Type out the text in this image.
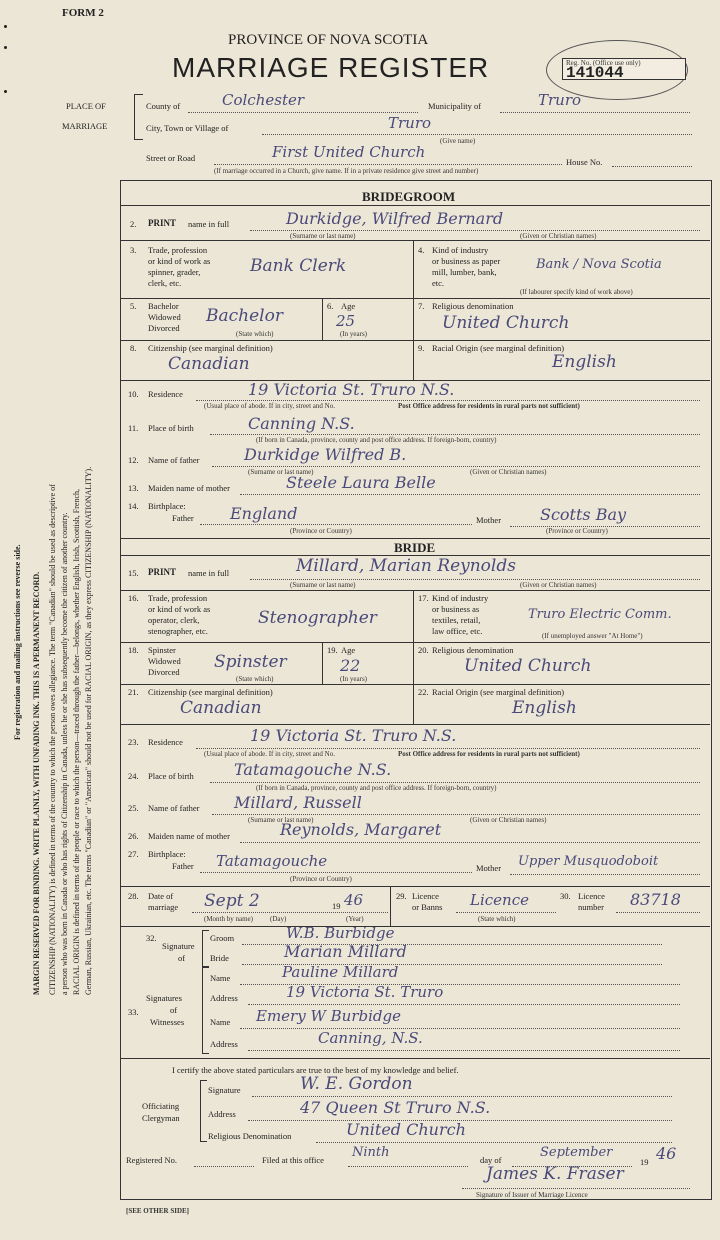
FORM 2
PROVINCE OF NOVA SCOTIA
MARRIAGE REGISTER	Reg. No. (Office use only)
141044
PLACE OF
MARRIAGE
County of	Colchester	Municipality of	Truro
City, Town or Village of	Truro
(Give name)
Street or Road	First United Church
House No.
(If marriage occurred in a Church, give name. If in a private residence give street and number)
For registration and mailing instructions see reverse side. MARGIN RESERVED FOR BINDING. WRITE PLAINLY, WITH UNFADING INK. THIS IS A PERMANENT RECORD. CITIZENSHIP (NATIONALITY) is defined in terms of the country to which the person owes allegiance. The term "Canadian" should be used as descriptive of a person who was born in Canada or who has rights of Citizenship in Canada, unless he or she has subsequently become the citizen of another country. RACIAL ORIGIN is defined in terms of the people or race to which the person—traced through the father—belongs, whether English, Irish, Scottish, French, German, Russian, Ukrainian, etc. The terms "Canadian" or "American" should not be used for RACIAL ORIGIN, as they express CITIZENSHIP (NATIONALITY).
BRIDEGROOM
2. PRINT name in full	Durkidge, Wilfred Bernard
(Surname or last name)	(Given or Christian names)
3. Trade, profession
or kind of work as
spinner, grader,
clerk, etc.
Bank Clerk
4. Kind of industry
or business as paper
mill, lumber, bank,
etc.
Bank / Nova Scotia
(If labourer specify kind of work above)
5. Bachelor
Widowed
Divorced
Bachelor
(State which)
6. Age
25
(In years)
7. Religious denomination
United Church
8. Citizenship (see marginal definition)
Canadian
9. Racial Origin (see marginal definition)
English
10. Residence	19 Victoria St. Truro N.S.
(Usual place of abode. If in city, street and No.	Post Office address for residents in rural parts not sufficient)
11. Place of birth	Canning N.S.
(If born in Canada, province, county and post office address. If foreign-born, country)
12. Name of father	Durkidge Wilfred B.
(Surname or last name)	(Given or Christian names)
13. Maiden name of mother	Steele Laura Belle
14. Birthplace:
Father England	Mother Scotts Bay
(Province or Country)	(Province or Country)
BRIDE
15. PRINT name in full	Millard, Marian Reynolds
(Surname or last name)	(Given or Christian names)
16. Trade, profession
or kind of work as
operator, clerk,
stenographer, etc.
Stenographer
17. Kind of industry
or business as
textiles, retail,
law office, etc.
Truro Electric Comm.
(If unemployed answer "At Home")
18. Spinster
Widowed
Divorced Spinster
(State which)
19. Age
22
(In years)
20. Religious denomination
United Church
21. Citizenship (see marginal definition)
Canadian
22. Racial Origin (see marginal definition)
English
23. Residence	19 Victoria St. Truro N.S.
(Usual place of abode. If in city, street and No.	Post Office address for residents in rural parts not sufficient)
24. Place of birth	Tatamagouche N.S.
(If born in Canada, province, county and post office address. If foreign-born, country)
25. Name of father Millard, Russell
(Surname or last name)	(Given or Christian names)
26. Maiden name of mother	Reynolds, Margaret
27. Birthplace:
Father Tatamagouche	Mother Upper Musquodoboit
(Province or Country)
28. Date of
marriage Sept 2	19 46
(Month by name) (Day)	(Year)
29. Licence
or Banns Licence
(State which)
30. Licence
number 83718
32.
Signature
of
Groom	W.B. Burbidge
Bride	Marian Millard
33.
Signatures
of
Witnesses
Name	Pauline Millard
Address	19 Victoria St. Truro
Name Emery W Burbidge
Address	Canning, N.S.
I certify the above stated particulars are true to the best of my knowledge and belief.
Officiating
Clergyman
Signature	W. E. Gordon
Address	47 Queen St Truro N.S.
Religious Denomination	United Church
Registered No.	Filed at this office Ninth	day of	September
19 46
James K. Fraser
Signature of Issuer of Marriage Licence
[SEE OTHER SIDE]
